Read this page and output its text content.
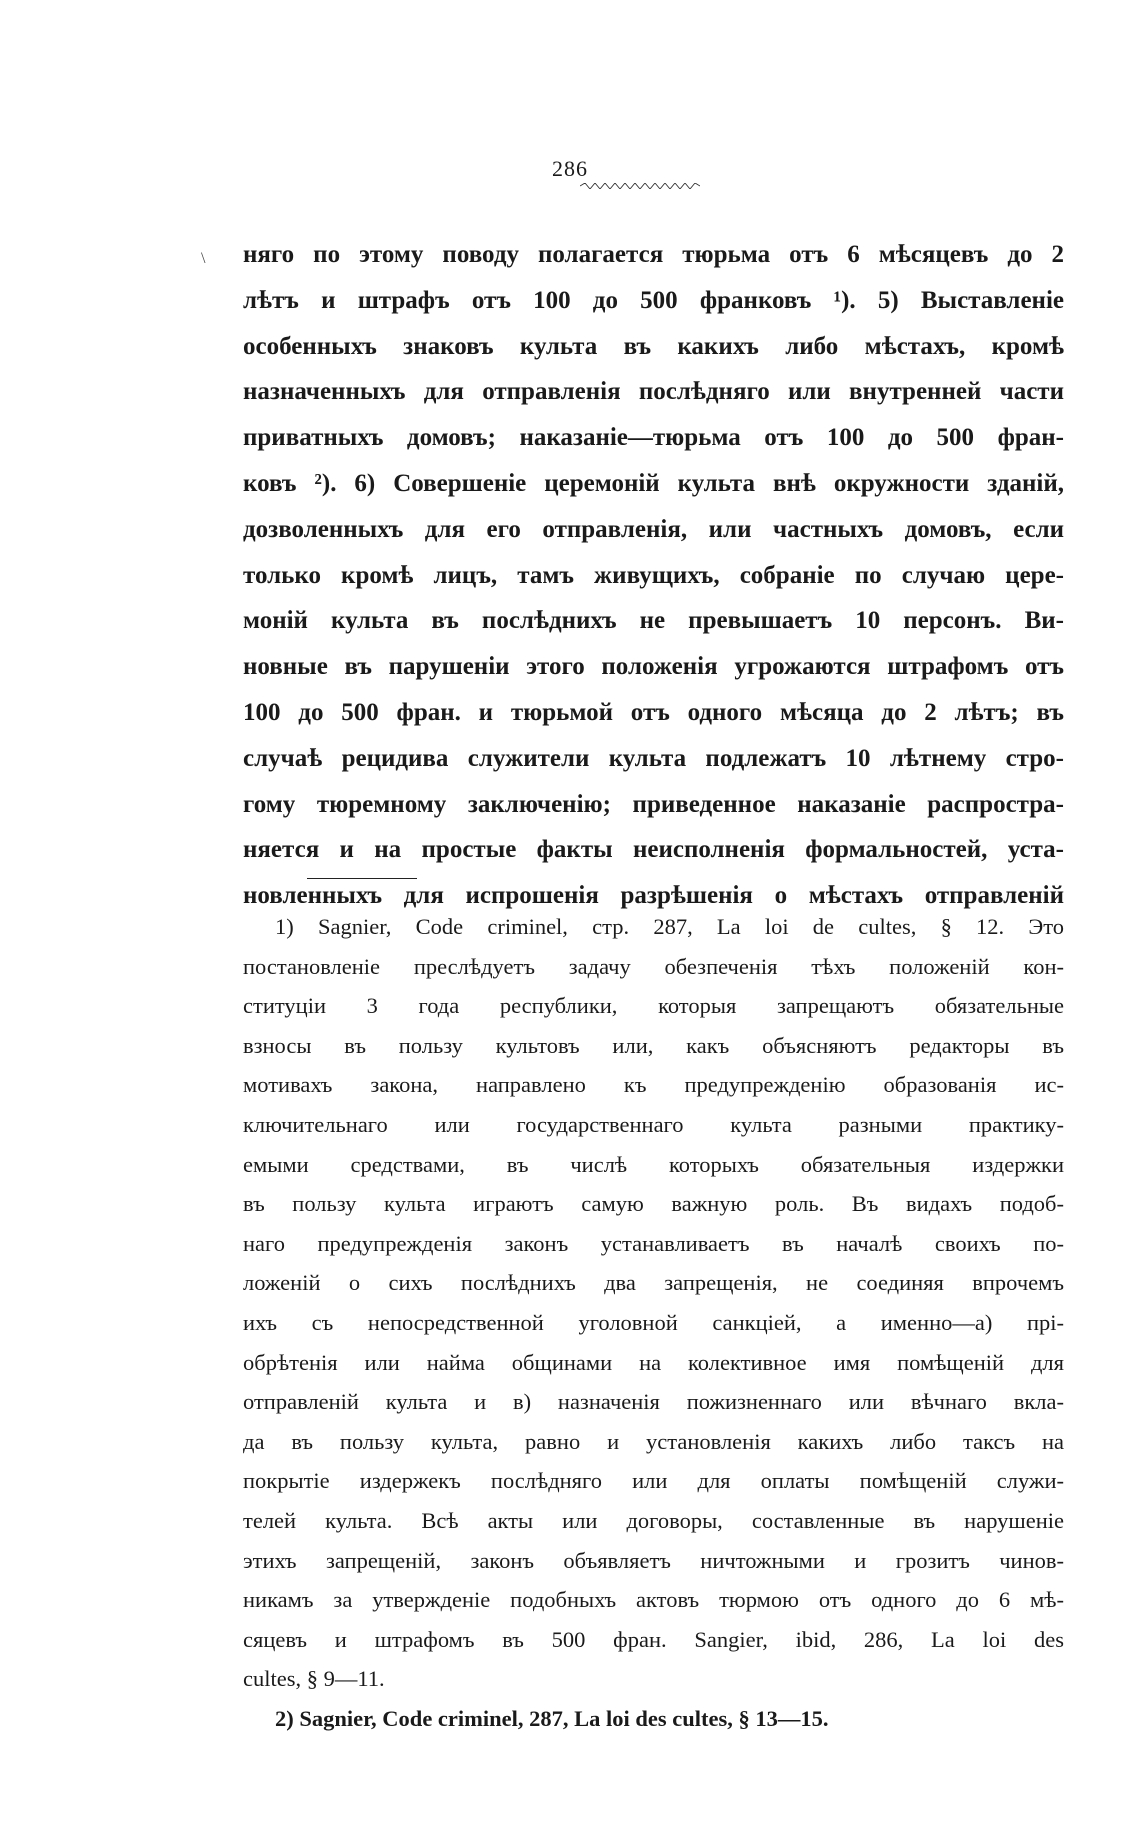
286
\ няго по этому поводу полагается тюрьма отъ 6 мѣсяцевъ до 2
лѣтъ и штрафъ отъ 100 до 500 франковъ ¹). 5) Выставленіе
особенныхъ знаковъ культа въ какихъ либо мѣстахъ, кромѣ
назначенныхъ для отправленія послѣдняго или внутренней части
приватныхъ домовъ; наказаніе—тюрьма отъ 100 до 500 фран-
ковъ ²). 6) Совершеніе церемоній культа внѣ окружности зданій,
дозволенныхъ для его отправленія, или частныхъ домовъ, если
только кромѣ лицъ, тамъ живущихъ, собраніе по случаю цере-
моній культа въ послѣднихъ не превышаетъ 10 персонъ. Ви-
новные въ парушеніи этого положенія угрожаются штрафомъ отъ
100 до 500 фран. и тюрьмой отъ одного мѣсяца до 2 лѣтъ; въ
случаѣ рецидива служители культа подлежатъ 10 лѣтнему стро-
гому тюремному заключенію; приведенное наказаніе распростра-
няется и на простые факты неисполненія формальностей, уста-
новленныхъ для испрошенія разрѣшенія о мѣстахъ отправленій
1) Sagnier, Code criminel, стр. 287, La loi de cultes, § 12. Это
постановленіе преслѣдуетъ задачу обезпеченія тѣхъ положеній кон-
ституціи 3 года республики, которыя запрещаютъ обязательные
взносы въ пользу культовъ или, какъ объясняютъ редакторы въ
мотивахъ закона, направлено къ предупрежденію образованія ис-
ключительнаго или государственнаго культа разными практику-
емыми средствами, въ числѣ которыхъ обязательныя издержки
въ пользу культа играютъ самую важную роль. Въ видахъ подоб-
наго предупрежденія законъ устанавливаетъ въ началѣ своихъ по-
ложеній о сихъ послѣднихъ два запрещенія, не соединяя впрочемъ
ихъ съ непосредственной уголовной санкціей, а именно—а) прі-
обрѣтенія или найма общинами на колективное имя помѣщеній для
отправленій культа и в) назначенія пожизненнаго или вѣчнаго вкла-
да въ пользу культа, равно и установленія какихъ либо таксъ на
покрытіе издержекъ послѣдняго или для оплаты помѣщеній служи-
телей культа. Всѣ акты или договоры, составленные въ нарушеніе
этихъ запрещеній, законъ объявляетъ ничтожными и грозитъ чинов-
никамъ за утвержденіе подобныхъ актовъ тюрмою отъ одного до 6 мѣ-
сяцевъ и штрафомъ въ 500 фран. Sangier, ibid, 286, La loi des
cultes, § 9—11.
2) Sagnier, Code criminel, 287, La loi des cultes, § 13—15.
